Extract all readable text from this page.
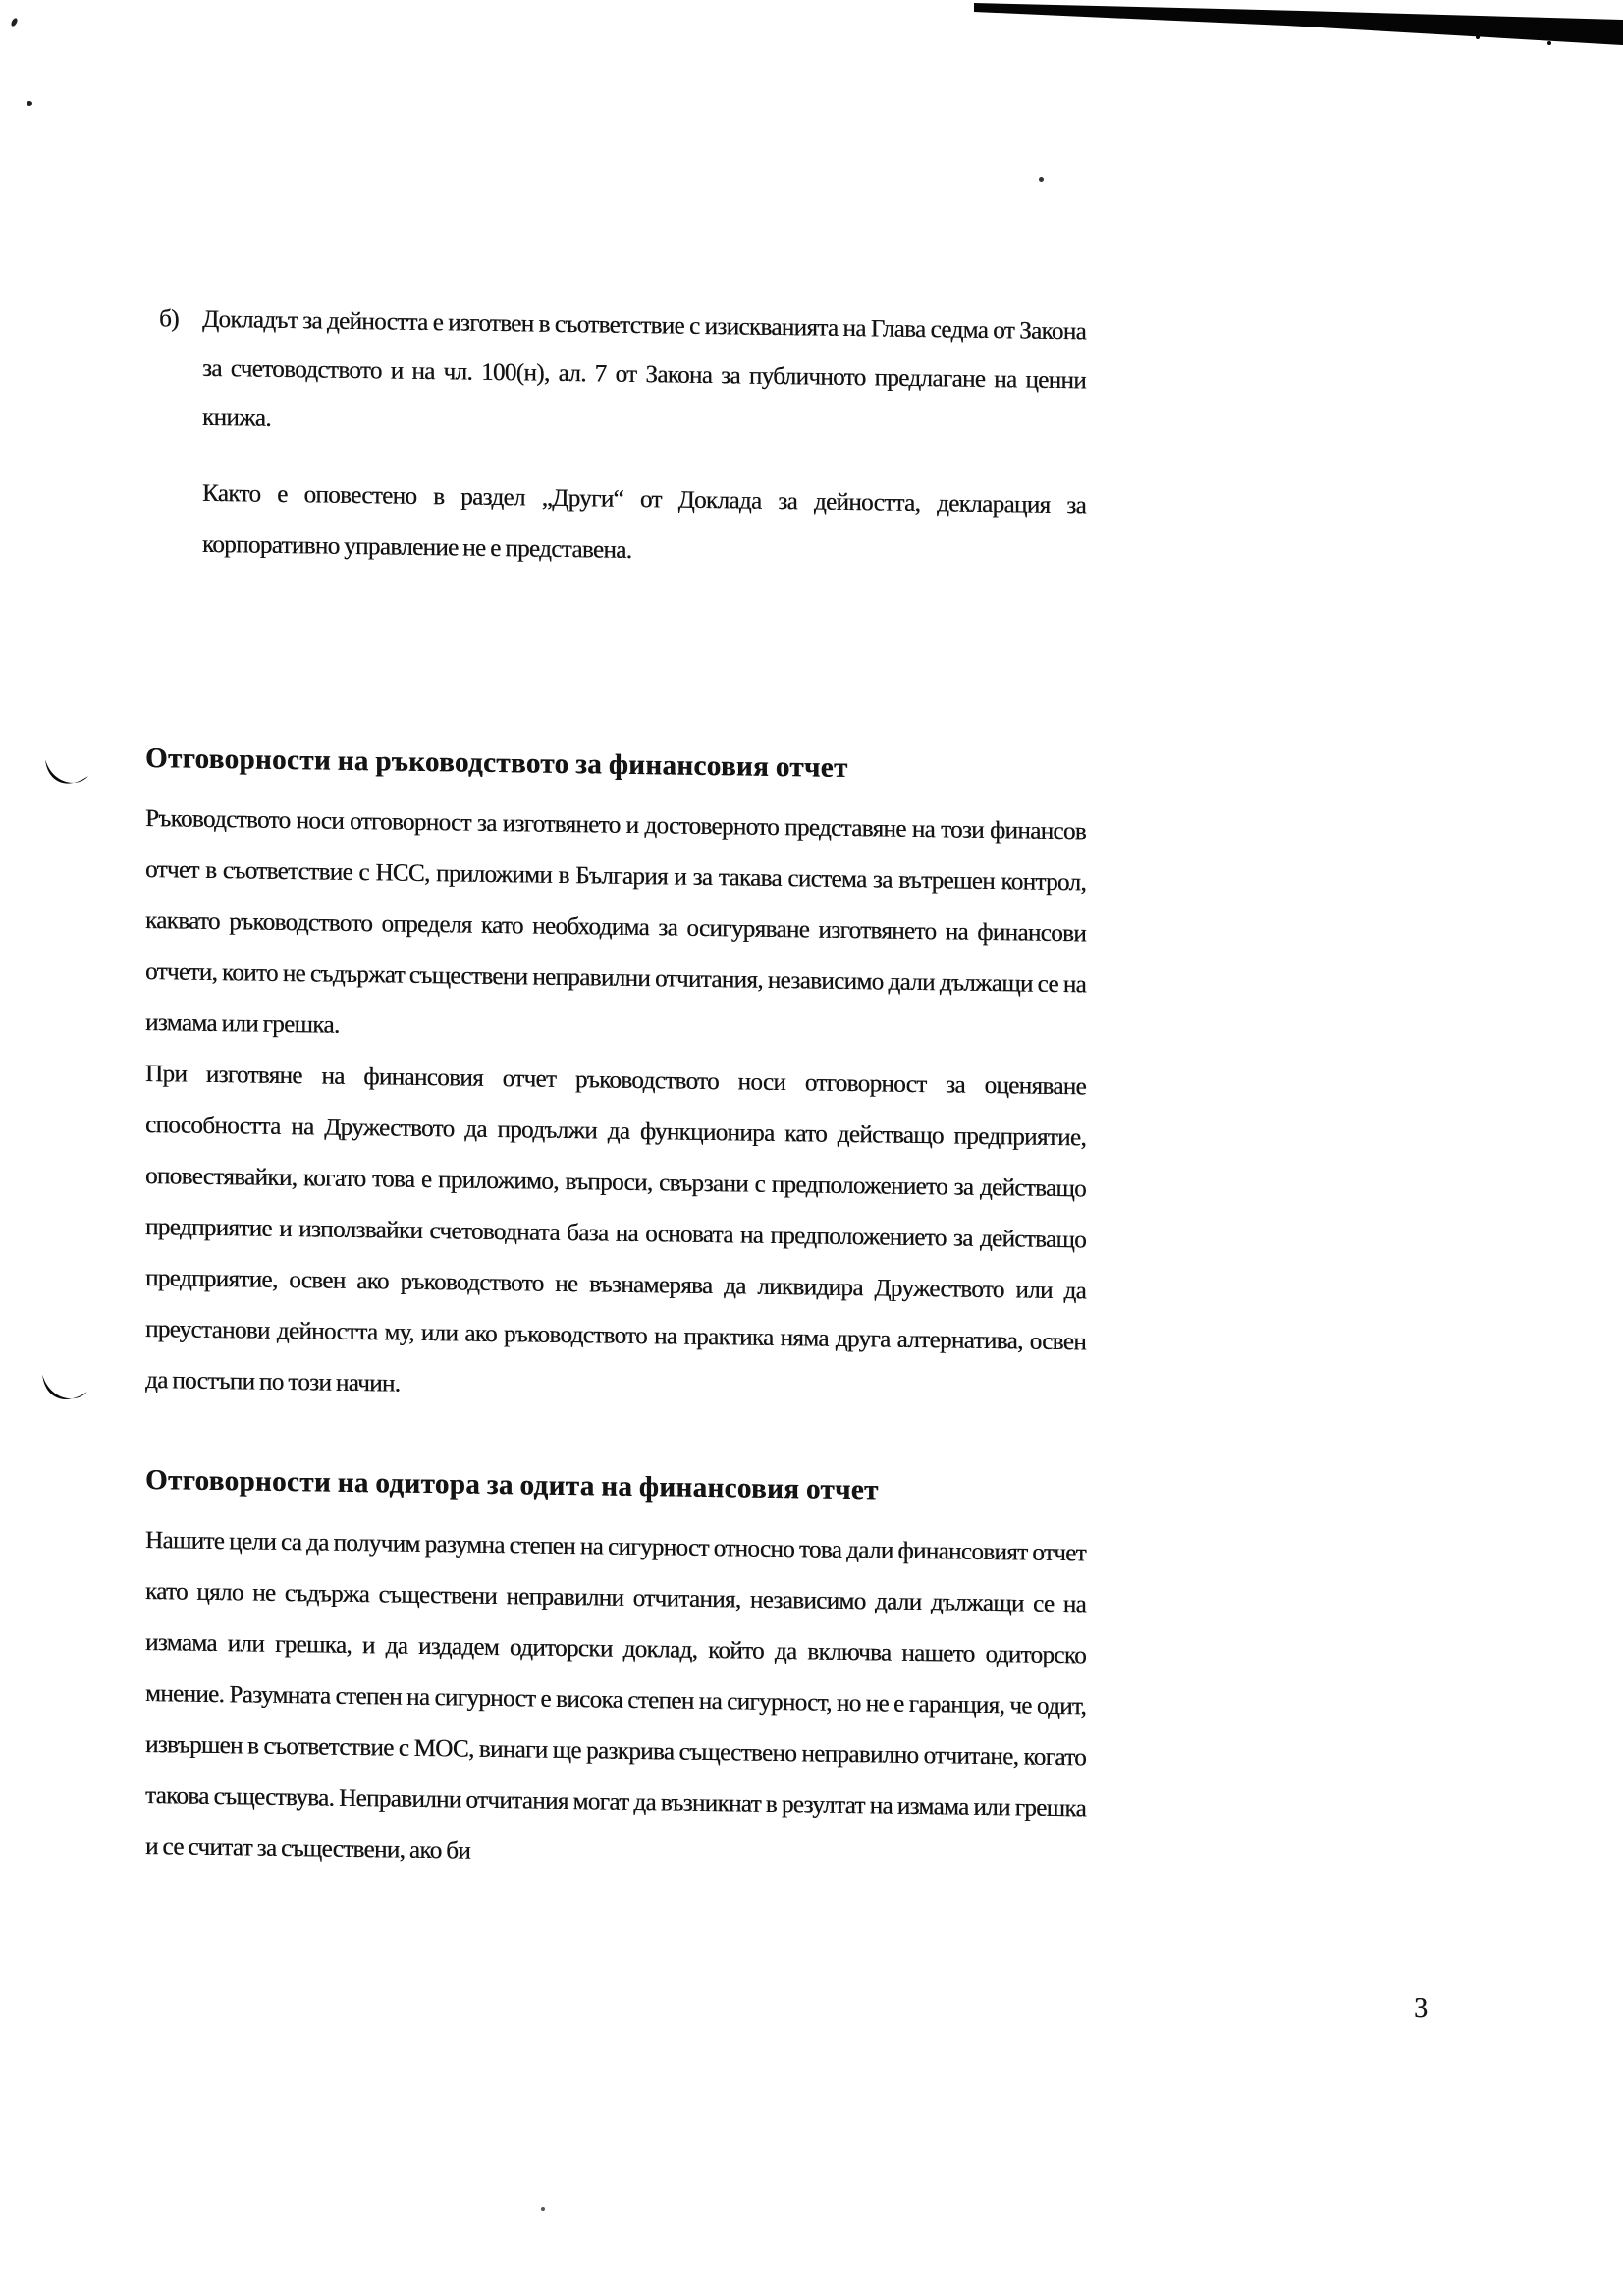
б) Докладът за дейността е изготвен в съответствие с изискванията на Глава седма от Закона за счетоводството и на чл. 100(н), ал. 7 от Закона за публичното предлагане на ценни книжа.
Както е оповестено в раздел „Други“ от Доклада за дейността, декларация за корпоративно управление не е представена.
Отговорности на ръководството за финансовия отчет
Ръководството носи отговорност за изготвянето и достоверното представяне на този финансов отчет в съответствие с НСС, приложими в България и за такава система за вътрешен контрол, каквато ръководството определя като необходима за осигуряване изготвянето на финансови отчети, които не съдържат съществени неправилни отчитания, независимо дали дължащи се на измама или грешка.
При изготвяне на финансовия отчет ръководството носи отговорност за оценяване способността на Дружеството да продължи да функционира като действащо предприятие, оповестявайки, когато това е приложимо, въпроси, свързани с предположението за действащо предприятие и използвайки счетоводната база на основата на предположението за действащо предприятие, освен ако ръководството не възнамерява да ликвидира Дружеството или да преустанови дейността му, или ако ръководството на практика няма друга алтернатива, освен да постъпи по този начин.
Отговорности на одитора за одита на финансовия отчет
Нашите цели са да получим разумна степен на сигурност относно това дали финансовият отчет като цяло не съдържа съществени неправилни отчитания, независимо дали дължащи се на измама или грешка, и да издадем одиторски доклад, който да включва нашето одиторско мнение. Разумната степен на сигурност е висока степен на сигурност, но не е гаранция, че одит, извършен в съответствие с МОС, винаги ще разкрива съществено неправилно отчитане, когато такова съществува. Неправилни отчитания могат да възникнат в резултат на измама или грешка и се считат за съществени, ако би
3
